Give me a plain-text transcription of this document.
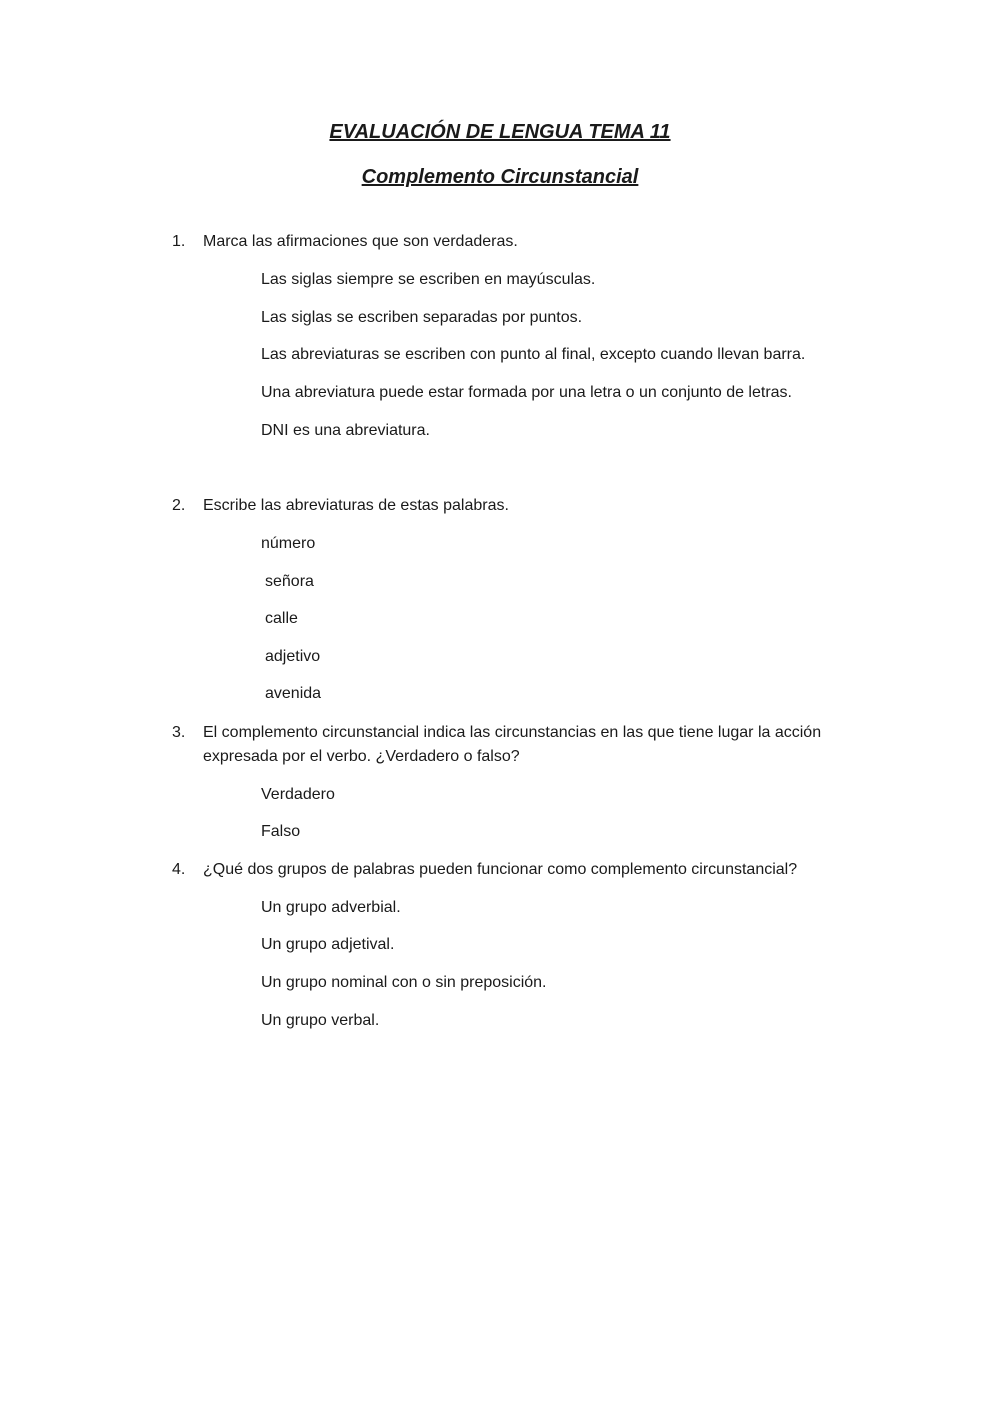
EVALUACIÓN DE LENGUA TEMA 11
Complemento Circunstancial
1. Marca las afirmaciones que son verdaderas.
Las siglas siempre se escriben en mayúsculas.
Las siglas se escriben separadas por puntos.
Las abreviaturas se escriben con punto al final, excepto cuando llevan barra.
Una abreviatura puede estar formada por una letra o un conjunto de letras.
DNI es una abreviatura.
2. Escribe las abreviaturas de estas palabras.
número
señora
calle
adjetivo
avenida
3. El complemento circunstancial indica las circunstancias en las que tiene lugar la acción expresada por el verbo. ¿Verdadero o falso?
Verdadero
Falso
4. ¿Qué dos grupos de palabras pueden funcionar como complemento circunstancial?
Un grupo adverbial.
Un grupo adjetival.
Un grupo nominal con o sin preposición.
Un grupo verbal.
